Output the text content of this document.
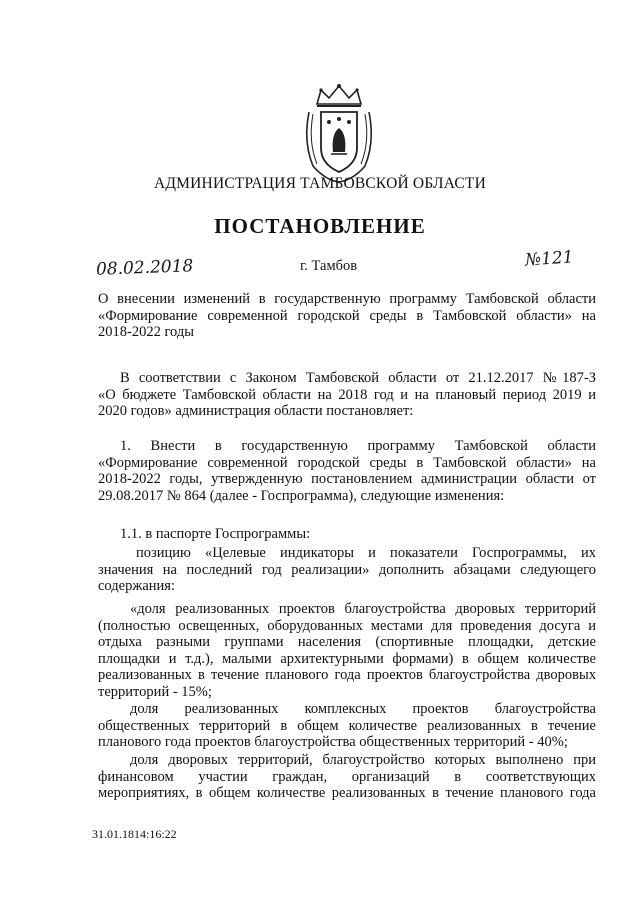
АДМИНИСТРАЦИЯ ТАМБОВСКОЙ ОБЛАСТИ
ПОСТАНОВЛЕНИЕ
08.02.2018	г. Тамбов	№121
О внесении изменений в государственную программу Тамбовской области
«Формирование современной городской среды в Тамбовской области» на
2018-2022 годы
В соответствии с Законом Тамбовской области от 21.12.2017 №187-З
«О бюджете Тамбовской области на 2018 год и на плановый период 2019 и
2020 годов» администрация области постановляет:
1. Внести в государственную программу Тамбовской области
«Формирование современной городской среды в Тамбовской области» на
2018-2022 годы, утвержденную постановлением администрации области от
29.08.2017 № 864 (далее - Госпрограмма), следующие изменения:
1.1. в паспорте Госпрограммы:
позицию «Целевые индикаторы и показатели Госпрограммы, их
значения на последний год реализации» дополнить абзацами следующего
содержания:
«доля реализованных проектов благоустройства дворовых территорий
(полностью освещенных, оборудованных местами для проведения досуга и
отдыха разными группами населения (спортивные площадки, детские
площадки и т.д.), малыми архитектурными формами) в общем количестве
реализованных в течение планового года проектов благоустройства дворовых
территорий - 15%;
доля реализованных комплексных проектов благоустройства
общественных территорий в общем количестве реализованных в течение
планового года проектов благоустройства общественных территорий - 40%;
доля дворовых территорий, благоустройство которых выполнено при
финансовом участии граждан, организаций в соответствующих
мероприятиях, в общем количестве реализованных в течение планового года
31.01.1814:16:22
